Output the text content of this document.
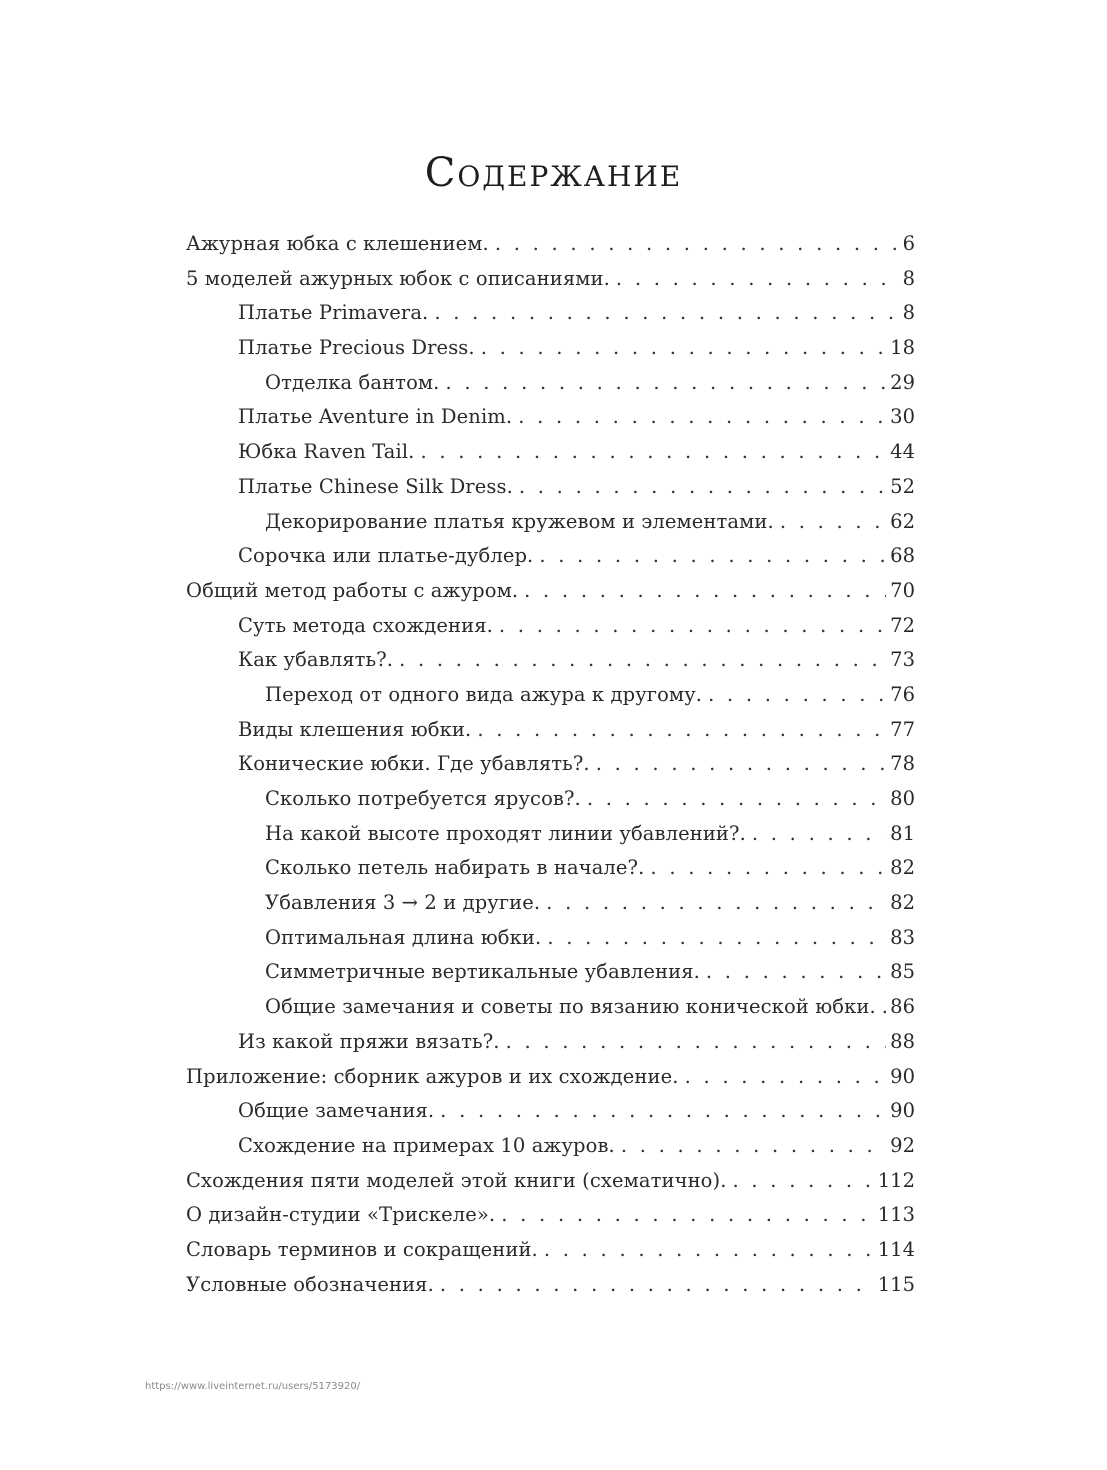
Содержание
Ажурная юбка с клешением. . . .	6
5 моделей ажурных юбок с описаниями. . . .	8
Платье Primavera. . . .	8
Платье Precious Dress. . . .	18
Отделка бантом. . . .	29
Платье Aventure in Denim. . . .	30
Юбка Raven Tail. . . .	44
Платье Chinese Silk Dress. . . .	52
Декорирование платья кружевом и элементами. . . .	62
Сорочка или платье-дублер. . . .	68
Общий метод работы с ажуром. . . .	70
Суть метода схождения. . . .	72
Как убавлять?. . . .	73
Переход от одного вида ажура к другому. . . .	76
Виды клешения юбки. . . .	77
Конические юбки. Где убавлять?. . . .	78
Сколько потребуется ярусов?. . . .	80
На какой высоте проходят линии убавлений?. . . .	81
Сколько петель набирать в начале?. . . .	82
Убавления 3 → 2 и другие. . . .	82
Оптимальная длина юбки. . . .	83
Симметричные вертикальные убавления. . . .	85
Общие замечания и советы по вязанию конической юбки. . . . 86
Из какой пряжи вязать?. . . .	88
Приложение: сборник ажуров и их схождение. . . .	90
Общие замечания. . . .	90
Схождение на примерах 10 ажуров. . . .	92
Схождения пяти моделей этой книги (схематично). . . .	112
О дизайн-студии «Трискеле». . . .	113
Словарь терминов и сокращений. . . .	114
Условные обозначения. . . .	115
https://www.liveinternet.ru/users/5173920/
